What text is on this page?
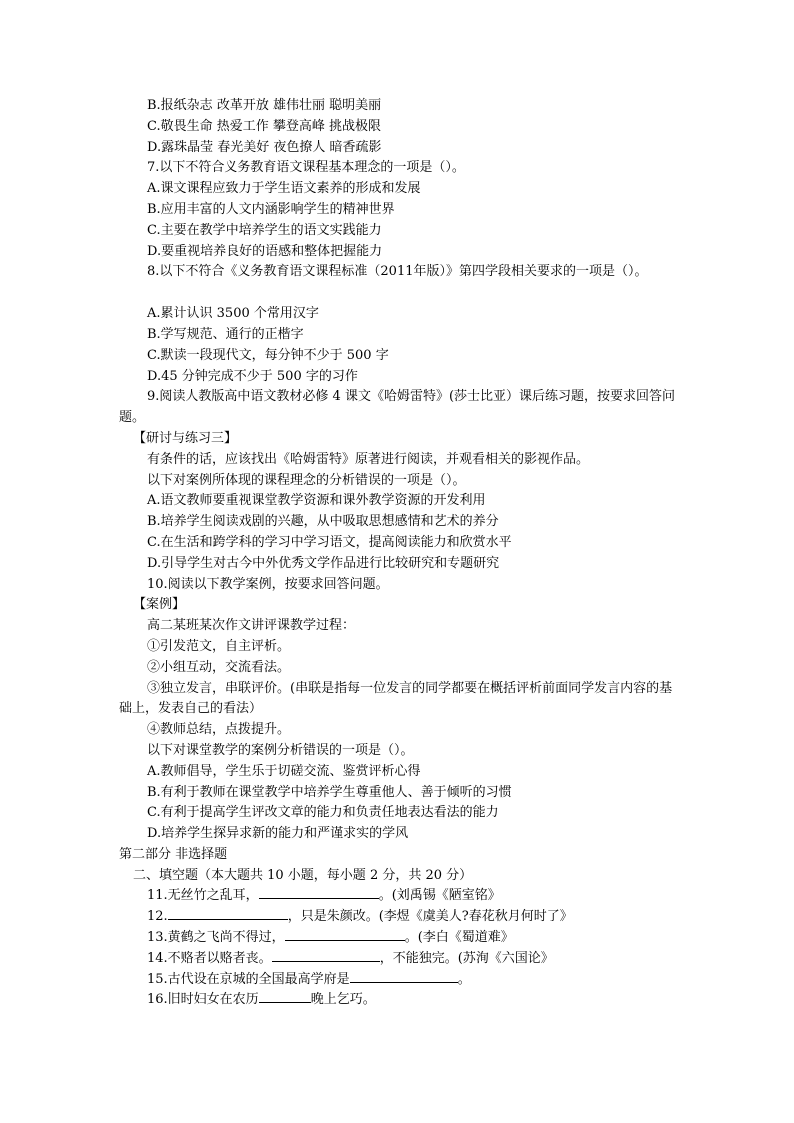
B.报纸杂志 改革开放 雄伟壮丽 聪明美丽
C.敬畏生命 热爱工作 攀登高峰 挑战极限
D.露珠晶莹 春光美好 夜色撩人 暗香疏影
7.以下不符合义务教育语文课程基本理念的一项是（）。
A.课文课程应致力于学生语文素养的形成和发展
B.应用丰富的人文内涵影响学生的精神世界
C.主要在教学中培养学生的语文实践能力
D.要重视培养良好的语感和整体把握能力
8.以下不符合《义务教育语文课程标准（2011年版）》第四学段相关要求的一项是（）。
A.累计认识 3500 个常用汉字
B.学写规范、通行的正楷字
C.默读一段现代文，每分钟不少于 500 字
D.45 分钟完成不少于 500 字的习作
9.阅读人教版高中语文教材必修 4 课文《哈姆雷特》(莎士比亚）课后练习题，按要求回答问题。
【研讨与练习三】
有条件的话，应该找出《哈姆雷特》原著进行阅读，并观看相关的影视作品。
以下对案例所体现的课程理念的分析错误的一项是（）。
A.语文教师要重视课堂教学资源和课外教学资源的开发利用
B.培养学生阅读戏剧的兴趣，从中吸取思想感情和艺术的养分
C.在生活和跨学科的学习中学习语文，提高阅读能力和欣赏水平
D.引导学生对古今中外优秀文学作品进行比较研究和专题研究
10.阅读以下教学案例，按要求回答问题。
【案例】
高二某班某次作文讲评课教学过程：
①引发范文，自主评析。
②小组互动，交流看法。
③独立发言，串联评价。(串联是指每一位发言的同学都要在概括评析前面同学发言内容的基础上，发表自己的看法）
④教师总结，点拨提升。
以下对课堂教学的案例分析错误的一项是（）。
A.教师倡导，学生乐于切磋交流、鉴赏评析心得
B.有利于教师在课堂教学中培养学生尊重他人、善于倾听的习惯
C.有利于提高学生评改文章的能力和负责任地表达看法的能力
D.培养学生探异求新的能力和严谨求实的学风
第二部分 非选择题
二、填空题（本大题共 10 小题，每小题 2 分，共 20 分）
11.无丝竹之乱耳，	。(刘禹锡《陋室铭》
12.	，只是朱颜改。(李煜《虞美人?春花秋月何时了》
13.黄鹤之飞尚不得过，	。(李白《蜀道难》
14.不赂者以赂者丧。	，不能独完。(苏洵《六国论》
15.古代设在京城的全国最高学府是	。
16.旧时妇女在农历	晚上乞巧。
